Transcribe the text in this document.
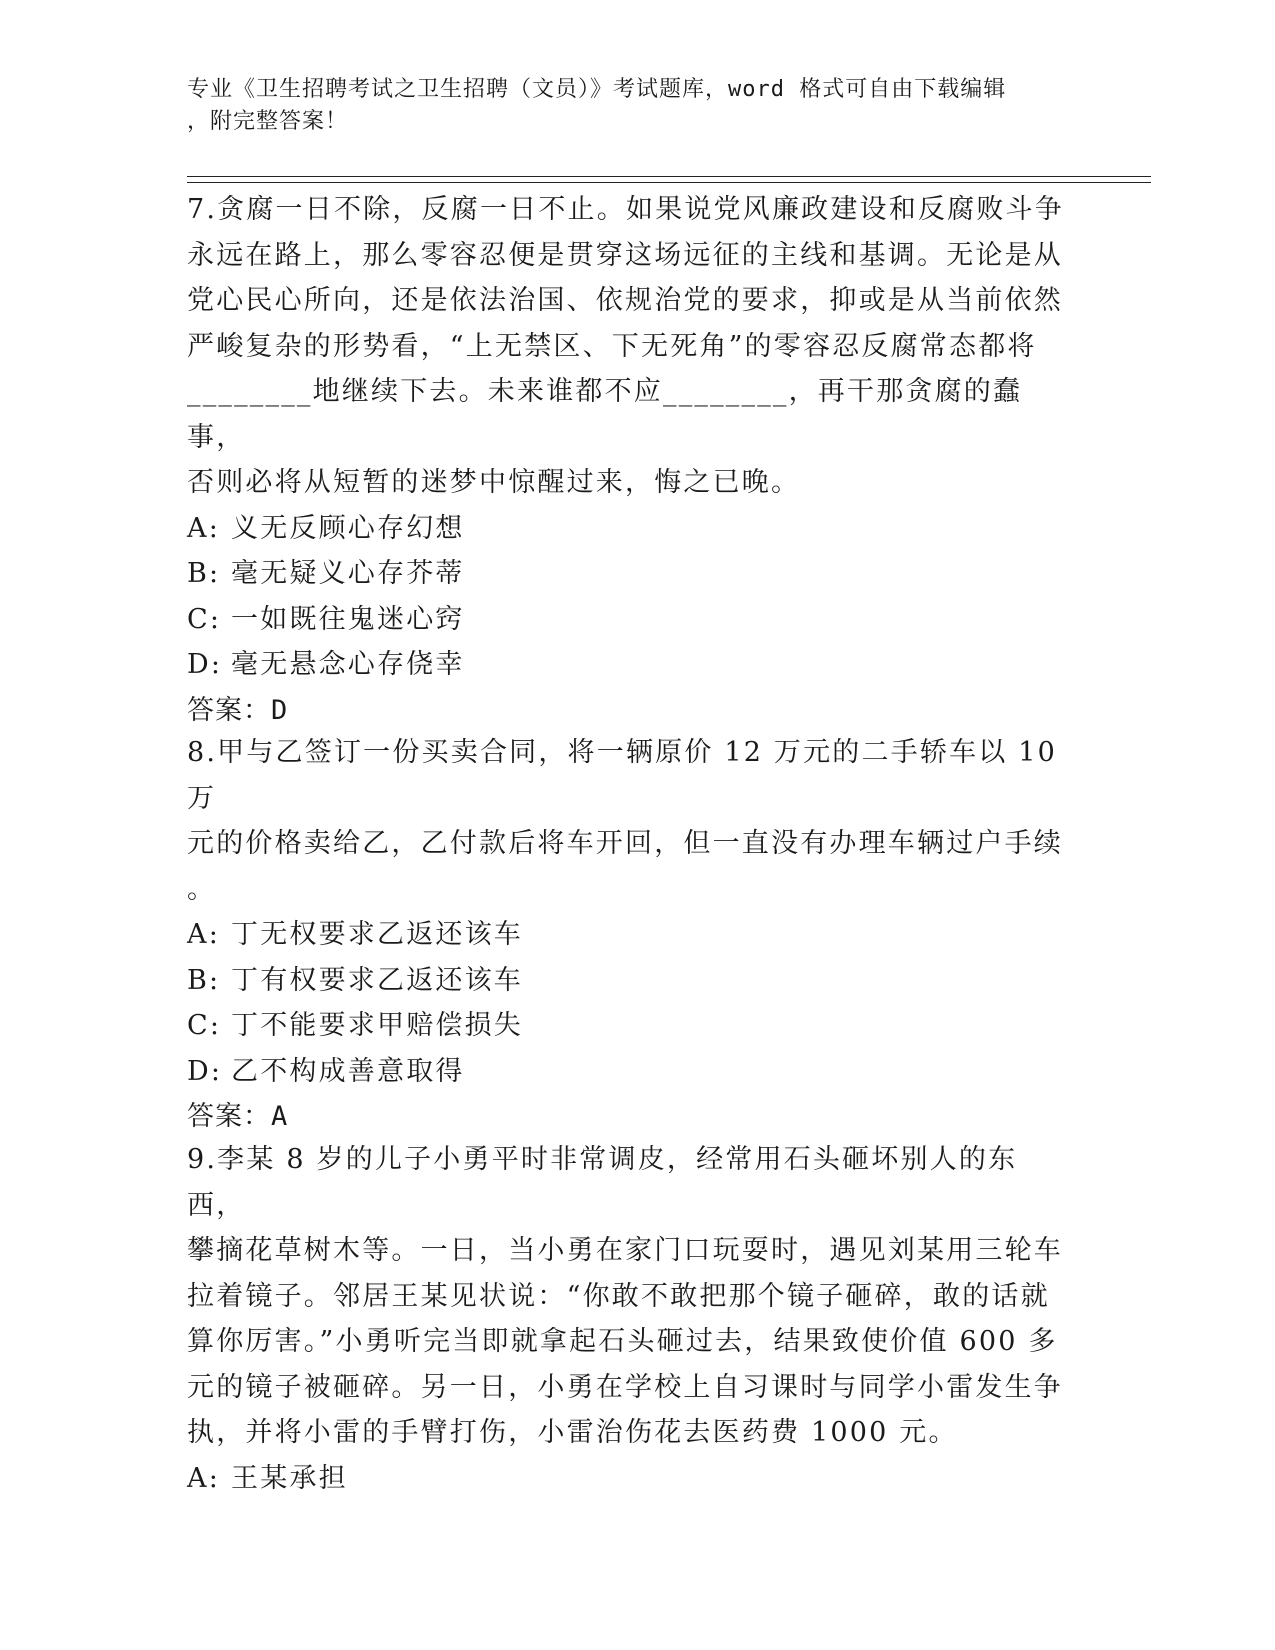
专业《卫生招聘考试之卫生招聘（文员）》考试题库，word 格式可自由下载编辑
，附完整答案！

7.贪腐一日不除，反腐一日不止。如果说党风廉政建设和反腐败斗争

永远在路上，那么零容忍便是贯穿这场远征的主线和基调。无论是从

党心民心所向，还是依法治国、依规治党的要求，抑或是从当前依然

严峻复杂的形势看，“上无禁区、下无死角”的零容忍反腐常态都将

________地继续下去。未来谁都不应________，再干那贪腐的蠢事，

否则必将从短暂的迷梦中惊醒过来，悔之已晚。

A: 义无反顾心存幻想

B: 毫无疑义心存芥蒂

C: 一如既往鬼迷心窍

D: 毫无悬念心存侥幸

答案：D

8.甲与乙签订一份买卖合同，将一辆原价 12 万元的二手轿车以 10 万

元的价格卖给乙，乙付款后将车开回，但一直没有办理车辆过户手续

。

A: 丁无权要求乙返还该车

B: 丁有权要求乙返还该车

C: 丁不能要求甲赔偿损失

D: 乙不构成善意取得

答案：A

9.李某 8 岁的儿子小勇平时非常调皮，经常用石头砸坏别人的东西，

攀摘花草树木等。一日，当小勇在家门口玩耍时，遇见刘某用三轮车

拉着镜子。邻居王某见状说：“你敢不敢把那个镜子砸碎，敢的话就

算你厉害。”小勇听完当即就拿起石头砸过去，结果致使价值 600 多

元的镜子被砸碎。另一日，小勇在学校上自习课时与同学小雷发生争

执，并将小雷的手臂打伤，小雷治伤花去医药费 1000 元。

A: 王某承担
